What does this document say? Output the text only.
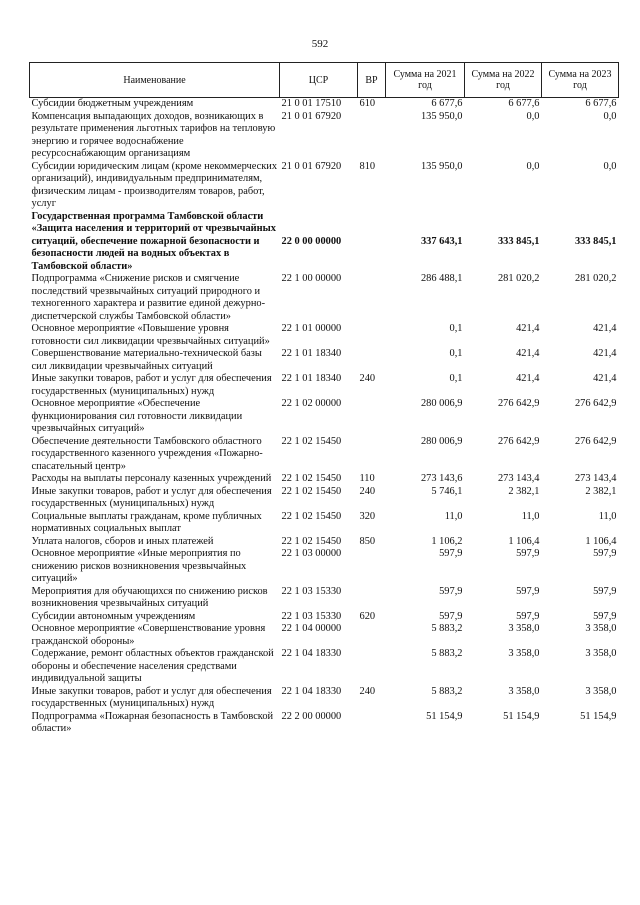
592
Наименование	ЦСР	ВР	Сумма на 2021 год	Сумма на 2022 год	Сумма на 2023 год
Субсидии бюджетным учреждениям	21 0 01 17510	610	6 677,6	6 677,6	6 677,6
Компенсация выпадающих доходов, возникающих в результате применения льготных тарифов на тепловую энергию и горячее водоснабжение ресурсоснабжающим организациям	21 0 01 67920		135 950,0	0,0	0,0
Субсидии юридическим лицам (кроме некоммерческих организаций), индивидуальным предпринимателям, физическим лицам - производителям товаров, работ, услуг	21 0 01 67920	810	135 950,0	0,0	0,0
Государственная программа Тамбовской области «Защита населения и территорий от чрезвычайных ситуаций, обеспечение пожарной безопасности и безопасности людей на водных объектах в Тамбовской области»	22 0 00 00000		337 643,1	333 845,1	333 845,1
Подпрограмма «Снижение рисков и смягчение последствий чрезвычайных ситуаций природного и техногенного характера и развитие единой дежурно-диспетчерской службы Тамбовской области»	22 1 00 00000		286 488,1	281 020,2	281 020,2
Основное мероприятие «Повышение уровня готовности сил ликвидации чрезвычайных ситуаций»	22 1 01 00000		0,1	421,4	421,4
Совершенствование материально-технической базы сил ликвидации чрезвычайных ситуаций	22 1 01 18340		0,1	421,4	421,4
Иные закупки товаров, работ и услуг для обеспечения государственных (муниципальных) нужд	22 1 01 18340	240	0,1	421,4	421,4
Основное мероприятие «Обеспечение функционирования сил готовности ликвидации чрезвычайных ситуаций»	22 1 02 00000		280 006,9	276 642,9	276 642,9
Обеспечение деятельности Тамбовского областного государственного казенного учреждения «Пожарно-спасательный центр»	22 1 02 15450		280 006,9	276 642,9	276 642,9
Расходы на выплаты персоналу казенных учреждений	22 1 02 15450	110	273 143,6	273 143,4	273 143,4
Иные закупки товаров, работ и услуг для обеспечения государственных (муниципальных) нужд	22 1 02 15450	240	5 746,1	2 382,1	2 382,1
Социальные выплаты гражданам, кроме публичных нормативных социальных выплат	22 1 02 15450	320	11,0	11,0	11,0
Уплата налогов, сборов и иных платежей	22 1 02 15450	850	1 106,2	1 106,4	1 106,4
Основное мероприятие «Иные мероприятия по снижению рисков возникновения чрезвычайных ситуаций»	22 1 03 00000		597,9	597,9	597,9
Мероприятия для обучающихся по снижению рисков возникновения чрезвычайных ситуаций	22 1 03 15330		597,9	597,9	597,9
Субсидии автономным учреждениям	22 1 03 15330	620	597,9	597,9	597,9
Основное мероприятие «Совершенствование уровня гражданской обороны»	22 1 04 00000		5 883,2	3 358,0	3 358,0
Содержание, ремонт областных объектов гражданской обороны и обеспечение населения средствами индивидуальной защиты	22 1 04 18330		5 883,2	3 358,0	3 358,0
Иные закупки товаров, работ и услуг для обеспечения государственных (муниципальных) нужд	22 1 04 18330	240	5 883,2	3 358,0	3 358,0
Подпрограмма «Пожарная безопасность в Тамбовской области»	22 2 00 00000		51 154,9	51 154,9	51 154,9
